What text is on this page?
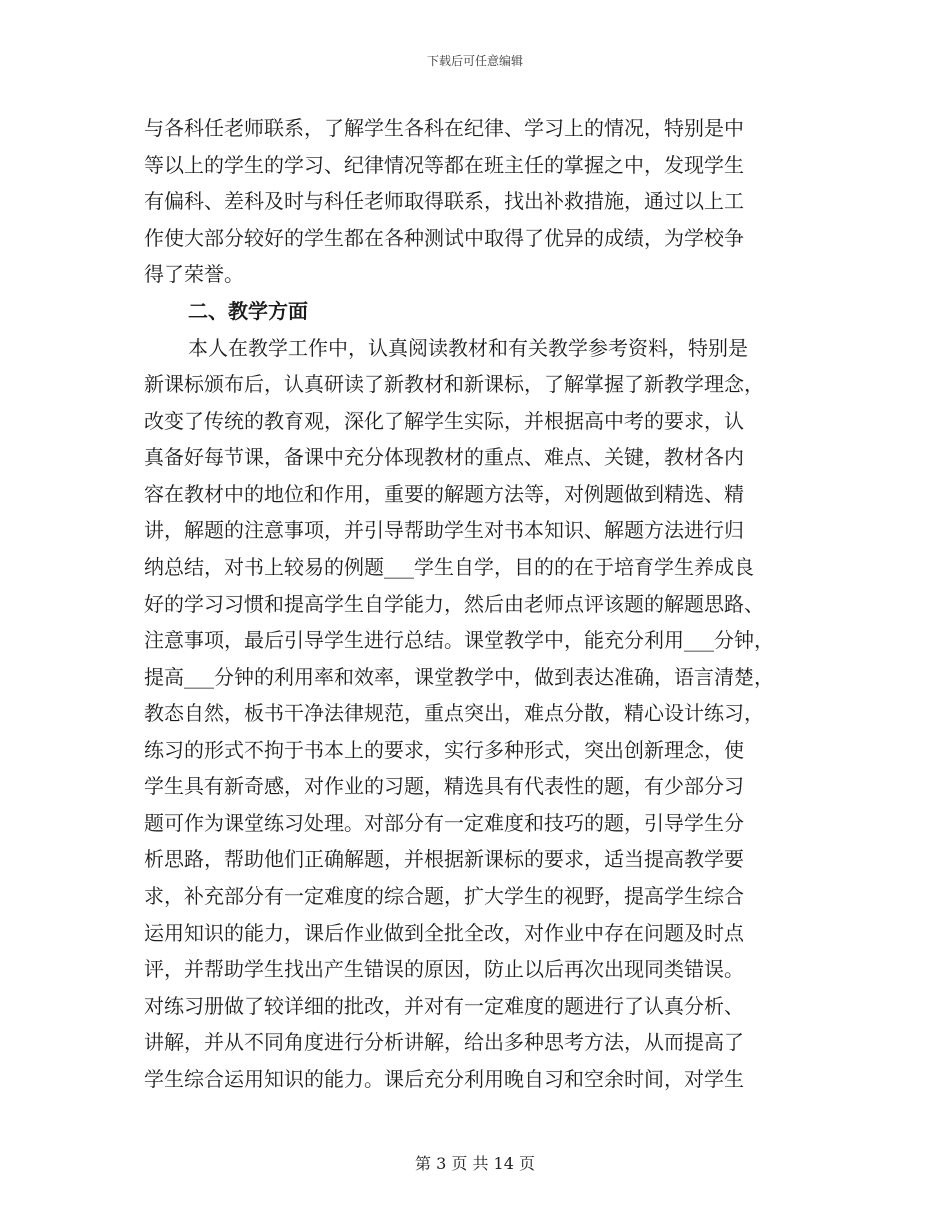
下载后可任意编辑
与各科任老师联系，了解学生各科在纪律、学习上的情况，特别是中
等以上的学生的学习、纪律情况等都在班主任的掌握之中，发现学生
有偏科、差科及时与科任老师取得联系，找出补救措施，通过以上工
作使大部分较好的学生都在各种测试中取得了优异的成绩，为学校争
得了荣誉。
二、教学方面
本人在教学工作中，认真阅读教材和有关教学参考资料，特别是
新课标颁布后，认真研读了新教材和新课标，了解掌握了新教学理念，
改变了传统的教育观，深化了解学生实际，并根据高中考的要求，认
真备好每节课，备课中充分体现教材的重点、难点、关键，教材各内
容在教材中的地位和作用，重要的解题方法等，对例题做到精选、精
讲，解题的注意事项，并引导帮助学生对书本知识、解题方法进行归
纳总结，对书上较易的例题___学生自学，目的的在于培育学生养成良
好的学习习惯和提高学生自学能力，然后由老师点评该题的解题思路、
注意事项，最后引导学生进行总结。课堂教学中，能充分利用___分钟，
提高___分钟的利用率和效率，课堂教学中，做到表达准确，语言清楚，
教态自然，板书干净法律规范，重点突出，难点分散，精心设计练习，
练习的形式不拘于书本上的要求，实行多种形式，突出创新理念，使
学生具有新奇感，对作业的习题，精选具有代表性的题，有少部分习
题可作为课堂练习处理。对部分有一定难度和技巧的题，引导学生分
析思路，帮助他们正确解题，并根据新课标的要求，适当提高教学要
求，补充部分有一定难度的综合题，扩大学生的视野，提高学生综合
运用知识的能力，课后作业做到全批全改，对作业中存在问题及时点
评，并帮助学生找出产生错误的原因，防止以后再次出现同类错误。
对练习册做了较详细的批改，并对有一定难度的题进行了认真分析、
讲解，并从不同角度进行分析讲解，给出多种思考方法，从而提高了
学生综合运用知识的能力。课后充分利用晚自习和空余时间，对学生
第 3 页 共 14 页
